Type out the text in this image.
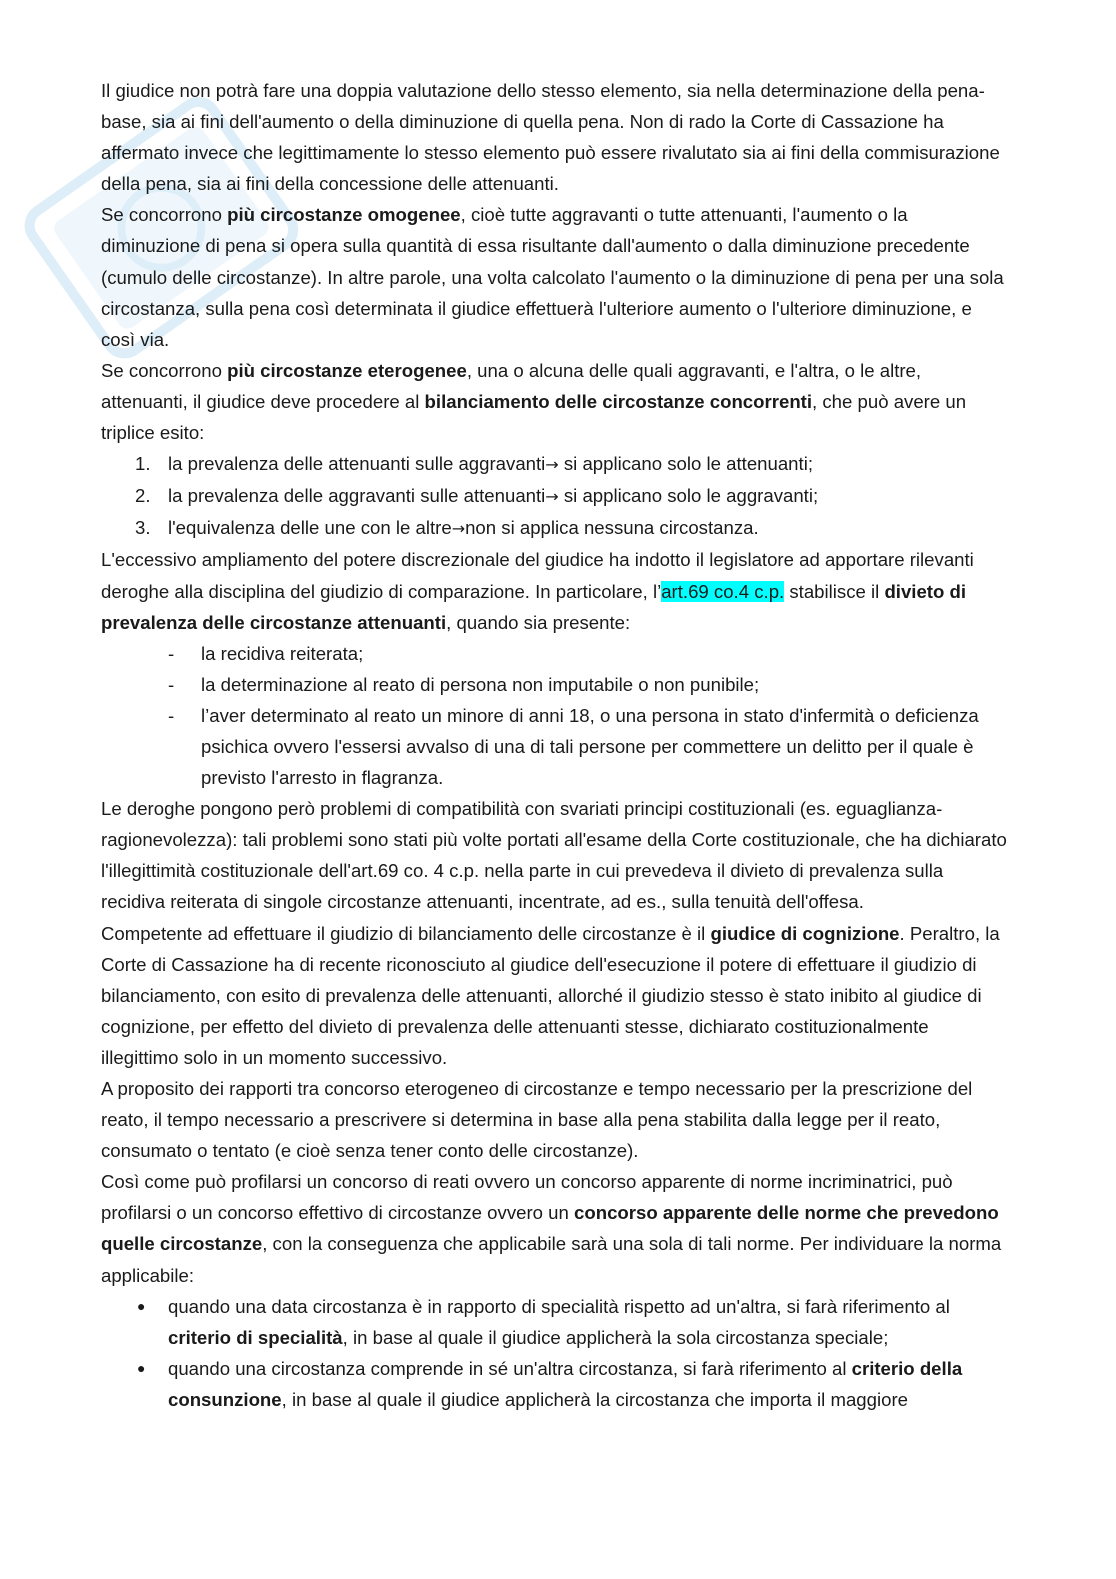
Il giudice non potrà fare una doppia valutazione dello stesso elemento, sia nella determinazione della pena-base, sia ai fini dell'aumento o della diminuzione di quella pena. Non di rado la Corte di Cassazione ha affermato invece che legittimamente lo stesso elemento può essere rivalutato sia ai fini della commisurazione della pena, sia ai fini della concessione delle attenuanti.

Se concorrono più circostanze omogenee, cioè tutte aggravanti o tutte attenuanti, l'aumento o la diminuzione di pena si opera sulla quantità di essa risultante dall'aumento o dalla diminuzione precedente (cumulo delle circostanze). In altre parole, una volta calcolato l'aumento o la diminuzione di pena per una sola circostanza, sulla pena così determinata il giudice effettuerà l'ulteriore aumento o l'ulteriore diminuzione, e così via.

Se concorrono più circostanze eterogenee, una o alcuna delle quali aggravanti, e l'altra, o le altre, attenuanti, il giudice deve procedere al bilanciamento delle circostanze concorrenti, che può avere un triplice esito:

1. la prevalenza delle attenuanti sulle aggravanti→ si applicano solo le attenuanti;
2. la prevalenza delle aggravanti sulle attenuanti→ si applicano solo le aggravanti;
3. l'equivalenza delle une con le altre→non si applica nessuna circostanza.

L'eccessivo ampliamento del potere discrezionale del giudice ha indotto il legislatore ad apportare rilevanti deroghe alla disciplina del giudizio di comparazione. In particolare, l’art.69 co.4 c.p. stabilisce il divieto di prevalenza delle circostanze attenuanti, quando sia presente:

- la recidiva reiterata;
- la determinazione al reato di persona non imputabile o non punibile;
- l’aver determinato al reato un minore di anni 18, o una persona in stato d'infermità o deficienza psichica ovvero l'essersi avvalso di una di tali persone per commettere un delitto per il quale è previsto l'arresto in flagranza.

Le deroghe pongono però problemi di compatibilità con svariati principi costituzionali (es. eguaglianza-ragionevolezza): tali problemi sono stati più volte portati all'esame della Corte costituzionale, che ha dichiarato l'illegittimità costituzionale dell'art.69 co. 4 c.p. nella parte in cui prevedeva il divieto di prevalenza sulla recidiva reiterata di singole circostanze attenuanti, incentrate, ad es., sulla tenuità dell'offesa.

Competente ad effettuare il giudizio di bilanciamento delle circostanze è il giudice di cognizione. Peraltro, la Corte di Cassazione ha di recente riconosciuto al giudice dell'esecuzione il potere di effettuare il giudizio di bilanciamento, con esito di prevalenza delle attenuanti, allorché il giudizio stesso è stato inibito al giudice di cognizione, per effetto del divieto di prevalenza delle attenuanti stesse, dichiarato costituzionalmente illegittimo solo in un momento successivo.

A proposito dei rapporti tra concorso eterogeneo di circostanze e tempo necessario per la prescrizione del reato, il tempo necessario a prescrivere si determina in base alla pena stabilita dalla legge per il reato, consumato o tentato (e cioè senza tener conto delle circostanze).

Così come può profilarsi un concorso di reati ovvero un concorso apparente di norme incriminatrici, può profilarsi o un concorso effettivo di circostanze ovvero un concorso apparente delle norme che prevedono quelle circostanze, con la conseguenza che applicabile sarà una sola di tali norme. Per individuare la norma applicabile:

● quando una data circostanza è in rapporto di specialità rispetto ad un'altra, si farà riferimento al criterio di specialità, in base al quale il giudice applicherà la sola circostanza speciale;
● quando una circostanza comprende in sé un'altra circostanza, si farà riferimento al criterio della consunzione, in base al quale il giudice applicherà la circostanza che importa il maggiore
